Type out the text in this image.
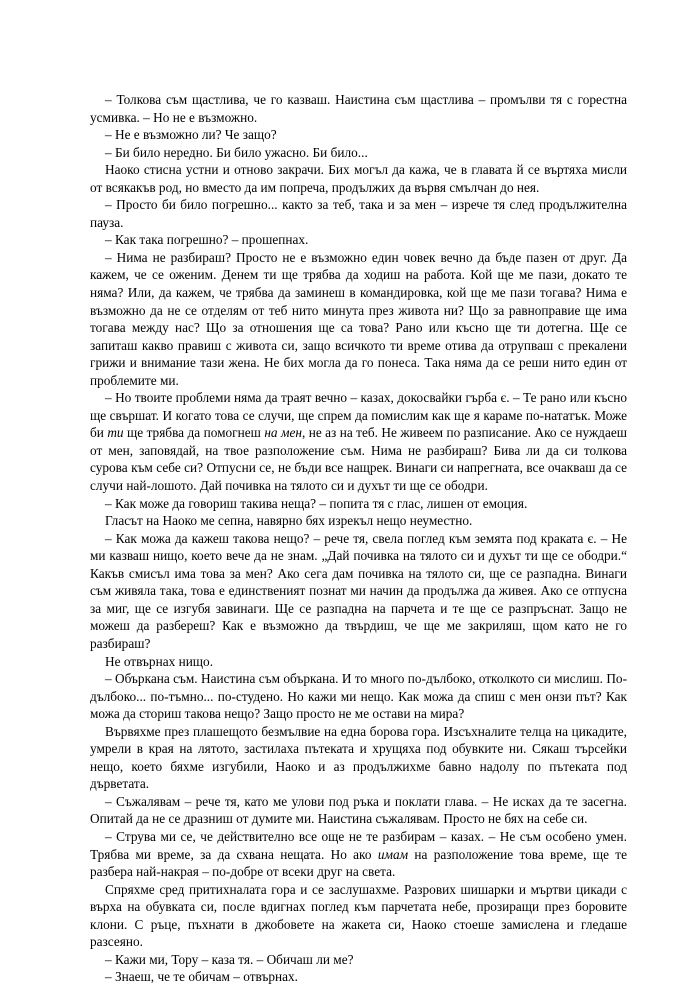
– Толкова съм щастлива, че го казваш. Наистина съм щастлива – промълви тя с горестна усмивка. – Но не е възможно.

– Не е възможно ли? Че защо?

– Би било нередно. Би било ужасно. Би било...

Наоко стисна устни и отново закрачи. Бих могъл да кажа, че в главата й се въртяха мисли от всякакъв род, но вместо да им попреча, продължих да вървя смълчан до нея.

– Просто би било погрешно... както за теб, така и за мен – изрече тя след продължителна пауза.

– Как така погрешно? – прошепнах.

– Нима не разбираш? Просто не е възможно един човек вечно да бъде пазен от друг. Да кажем, че се оженим. Денем ти ще трябва да ходиш на работа. Кой ще ме пази, докато те няма? Или, да кажем, че трябва да заминеш в командировка, кой ще ме пази тогава? Нима е възможно да не се отделям от теб нито минута през живота ни? Що за равноправие ще има тогава между нас? Що за отношения ще са това? Рано или късно ще ти дотегна. Ще се запиташ какво правиш с живота си, защо всичкото ти време отива да отрупваш с прекалени грижи и внимание тази жена. Не бих могла да го понеса. Така няма да се реши нито един от проблемите ми.

– Но твоите проблеми няма да траят вечно – казах, докосвайки гърба є. – Те рано или късно ще свършат. И когато това се случи, ще спрем да помислим как ще я караме по-нататък. Може би ти ще трябва да помогнеш на мен, не аз на теб. Не живеем по разписание. Ако се нуждаеш от мен, заповядай, на твое разположение съм. Нима не разбираш? Бива ли да си толкова сурова към себе си? Отпусни се, не бъди все нащрек. Винаги си напрегната, все очакваш да се случи най-лошото. Дай почивка на тялото си и духът ти ще се ободри.

– Как може да говориш такива неща? – попита тя с глас, лишен от емоция.

Гласът на Наоко ме сепна, навярно бях изрекъл нещо неуместно.

– Как можа да кажеш такова нещо? – рече тя, свела поглед към земята под краката є. – Не ми казваш нищо, което вече да не знам. „Дай почивка на тялото си и духът ти ще се ободри.“ Какъв смисъл има това за мен? Ако сега дам почивка на тялото си, ще се разпадна. Винаги съм живяла така, това е единственият познат ми начин да продължа да живея. Ако се отпусна за миг, ще се изгубя завинаги. Ще се разпадна на парчета и те ще се разпръснат. Защо не можеш да разбереш? Как е възможно да твърдиш, че ще ме закриляш, щом като не го разбираш?

Не отвърнах нищо.

– Объркана съм. Наистина съм объркана. И то много по-дълбоко, отколкото си мислиш. По-дълбоко... по-тъмно... по-студено. Но кажи ми нещо. Как можа да спиш с мен онзи път? Как можа да сториш такова нещо? Защо просто не ме остави на мира?

Вървяхме през плашещото безмълвие на една борова гора. Изсъхналите телца на цикадите, умрели в края на лятото, застилаха пътеката и хрущяха под обувките ни. Сякаш търсейки нещо, което бяхме изгубили, Наоко и аз продължихме бавно надолу по пътеката под дърветата.

– Съжалявам – рече тя, като ме улови под ръка и поклати глава. – Не исках да те засегна. Опитай да не се дразниш от думите ми. Наистина съжалявам. Просто не бях на себе си.

– Струва ми се, че действително все още не те разбирам – казах. – Не съм особено умен. Трябва ми време, за да схвана нещата. Но ако имам на разположение това време, ще те разбера най-накрая – по-добре от всеки друг на света.

Спряхме сред притихналата гора и се заслушахме. Разрових шишарки и мъртви цикади с върха на обувката си, после вдигнах поглед към парчетата небе, прозиращи през боровите клони. С ръце, пъхнати в джобовете на жакета си, Наоко стоеше замислена и гледаше разсеяно.

– Кажи ми, Тору – каза тя. – Обичаш ли ме?

– Знаеш, че те обичам – отвърнах.
